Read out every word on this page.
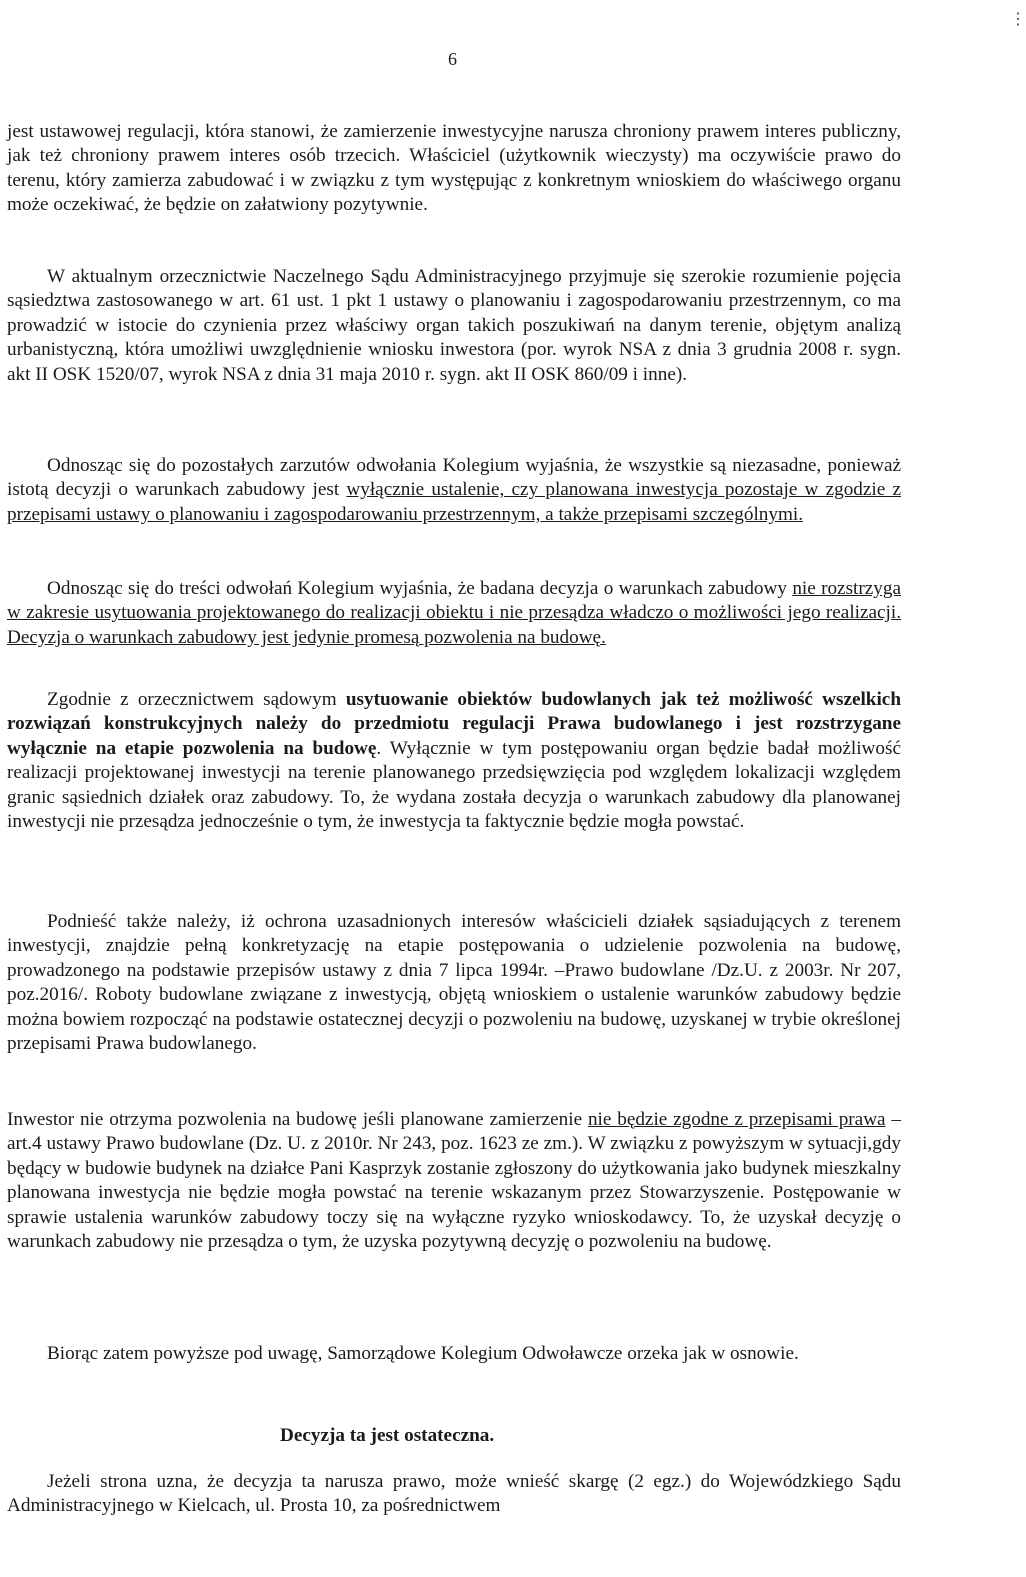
6
⋮

jest ustawowej regulacji, która stanowi, że zamierzenie inwestycyjne narusza chroniony prawem interes publiczny, jak też chroniony prawem interes osób trzecich. Właściciel (użytkownik wieczysty) ma oczywiście prawo do terenu, który zamierza zabudować i w związku z tym występując z konkretnym wnioskiem do właściwego organu może oczekiwać, że będzie on załatwiony pozytywnie.

W aktualnym orzecznictwie Naczelnego Sądu Administracyjnego przyjmuje się szerokie rozumienie pojęcia sąsiedztwa zastosowanego w art. 61 ust. 1 pkt 1 ustawy o planowaniu i zagospodarowaniu przestrzennym, co ma prowadzić w istocie do czynienia przez właściwy organ takich poszukiwań na danym terenie, objętym analizą urbanistyczną, która umożliwi uwzględnienie wniosku inwestora (por. wyrok NSA z dnia 3 grudnia 2008 r. sygn. akt II OSK 1520/07, wyrok NSA z dnia 31 maja 2010 r. sygn. akt II OSK 860/09 i inne).

Odnosząc się do pozostałych zarzutów odwołania Kolegium wyjaśnia, że wszystkie są niezasadne, ponieważ istotą decyzji o warunkach zabudowy jest wyłącznie ustalenie, czy planowana inwestycja pozostaje w zgodzie z przepisami ustawy o planowaniu i zagospodarowaniu przestrzennym, a także przepisami szczególnymi.

Odnosząc się do treści odwołań Kolegium wyjaśnia, że badana decyzja o warunkach zabudowy nie rozstrzyga w zakresie usytuowania projektowanego do realizacji obiektu i nie przesądza władczo o możliwości jego realizacji. Decyzja o warunkach zabudowy jest jedynie promesą pozwolenia na budowę.

Zgodnie z orzecznictwem sądowym usytuowanie obiektów budowlanych jak też możliwość wszelkich rozwiązań konstrukcyjnych należy do przedmiotu regulacji Prawa budowlanego i jest rozstrzygane wyłącznie na etapie pozwolenia na budowę. Wyłącznie w tym postępowaniu organ będzie badał możliwość realizacji projektowanej inwestycji na terenie planowanego przedsięwzięcia pod względem lokalizacji względem granic sąsiednich działek oraz zabudowy. To, że wydana została decyzja o warunkach zabudowy dla planowanej inwestycji nie przesądza jednocześnie o tym, że inwestycja ta faktycznie będzie mogła powstać.

Podnieść także należy, iż ochrona uzasadnionych interesów właścicieli działek sąsiadujących z terenem inwestycji, znajdzie pełną konkretyzację na etapie postępowania o udzielenie pozwolenia na budowę, prowadzonego na podstawie przepisów ustawy z dnia 7 lipca 1994r. –Prawo budowlane /Dz.U. z 2003r. Nr 207, poz.2016/. Roboty budowlane związane z inwestycją, objętą wnioskiem o ustalenie warunków zabudowy będzie można bowiem rozpocząć na podstawie ostatecznej decyzji o pozwoleniu na budowę, uzyskanej w trybie określonej przepisami Prawa budowlanego.

Inwestor nie otrzyma pozwolenia na budowę jeśli planowane zamierzenie nie będzie zgodne z przepisami prawa – art.4 ustawy Prawo budowlane (Dz. U. z 2010r. Nr 243, poz. 1623 ze zm.). W związku z powyższym w sytuacji,gdy będący w budowie budynek na działce Pani Kasprzyk zostanie zgłoszony do użytkowania jako budynek mieszkalny planowana inwestycja nie będzie mogła powstać na terenie wskazanym przez Stowarzyszenie. Postępowanie w sprawie ustalenia warunków zabudowy toczy się na wyłączne ryzyko wnioskodawcy. To, że uzyskał decyzję o warunkach zabudowy nie przesądza o tym, że uzyska pozytywną decyzję o pozwoleniu na budowę.

Biorąc zatem powyższe pod uwagę, Samorządowe Kolegium Odwoławcze orzeka jak w osnowie.

Decyzja ta jest ostateczna.

Jeżeli strona uzna, że decyzja ta narusza prawo, może wnieść skargę (2 egz.) do Wojewódzkiego Sądu Administracyjnego w Kielcach, ul. Prosta 10, za pośrednictwem
